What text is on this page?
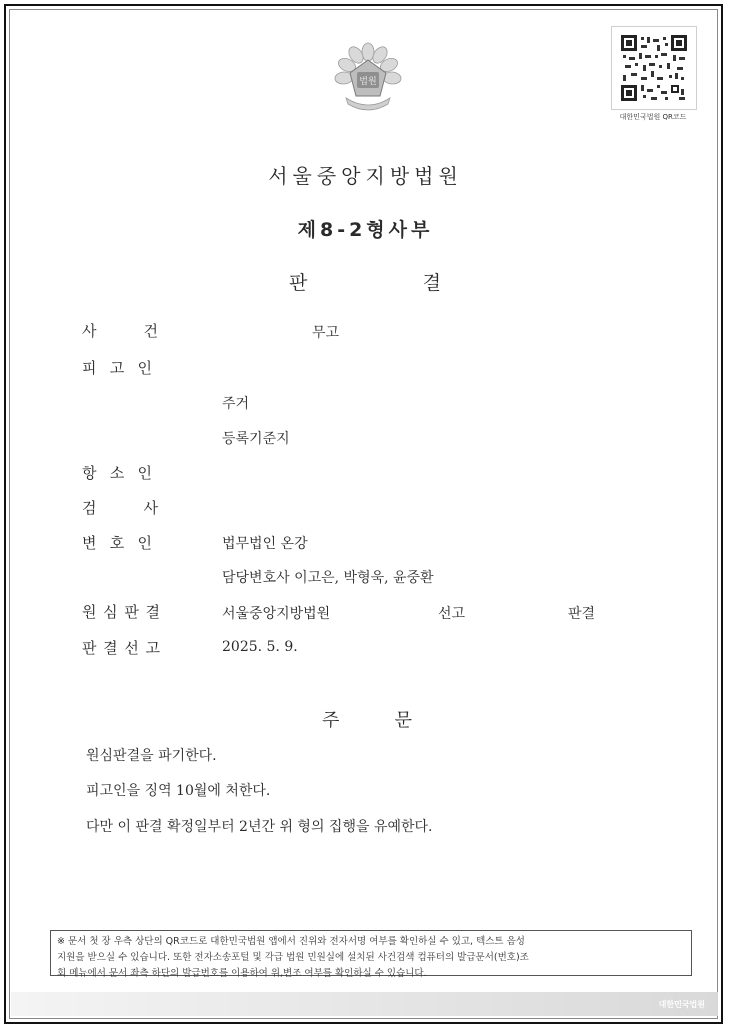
법원
대한민국법원 QR코드
서울중앙지방법원
제8-2형사부
판	결
사	건	무고
피 고 인
주거
등록기준지
항 소 인
검	사
변 호 인	법무법인 온강
담당변호사 이고은, 박형욱, 윤중환
원 심 판 결	서울중앙지방법원	선고	판결
판 결 선 고	2025. 5. 9.
주	문
원심판결을 파기한다.
피고인을 징역 10월에 처한다.
다만 이 판결 확정일부터 2년간 위 형의 집행을 유예한다.
※ 문서 첫 장 우측 상단의 QR코드로 대한민국법원 앱에서 진위와 전자서명 여부를 확인하실 수 있고, 텍스트 음성
지원을 받으실 수 있습니다. 또한 전자소송포털 및 각급 법원 민원실에 설치된 사건검색 컴퓨터의 발급문서(번호)조
회 메뉴에서 문서 좌측 하단의 발급번호를 이용하여 위,변조 여부를 확인하실 수 있습니다.
대한민국법원
